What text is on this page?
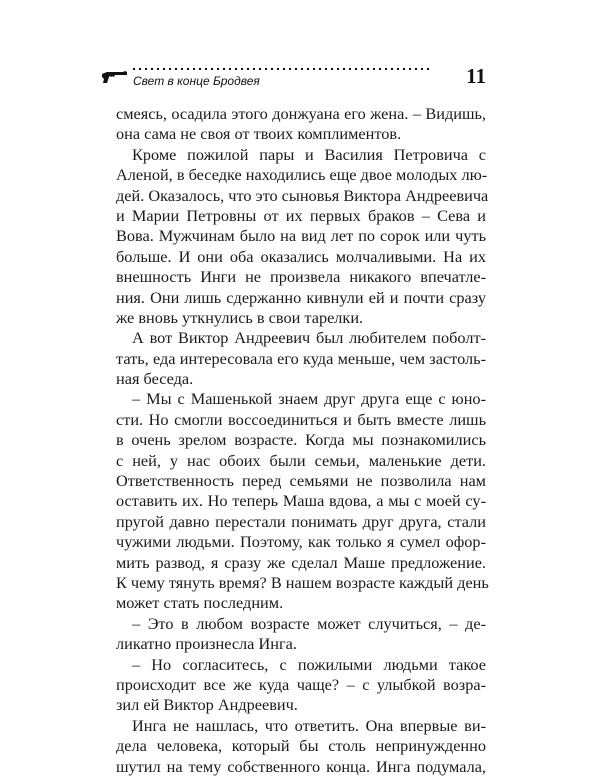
Свет в конце Бродвея	11
смеясь, осадила этого донжуана его жена. – Видишь,
она сама не своя от твоих комплиментов.
Кроме пожилой пары и Василия Петровича с
Аленой, в беседке находились еще двое молодых лю-
дей. Оказалось, что это сыновья Виктора Андреевича
и Марии Петровны от их первых браков – Сева и
Вова. Мужчинам было на вид лет по сорок или чуть
больше. И они оба оказались молчаливыми. На их
внешность Инги не произвела никакого впечатле-
ния. Они лишь сдержанно кивнули ей и почти сразу
же вновь уткнулись в свои тарелки.
А вот Виктор Андреевич был любителем поболт-
тать, еда интересовала его куда меньше, чем застоль-
ная беседа.
– Мы с Машенькой знаем друг друга еще с юно-
сти. Но смогли воссоединиться и быть вместе лишь
в очень зрелом возрасте. Когда мы познакомились
с ней, у нас обоих были семьи, маленькие дети.
Ответственность перед семьями не позволила нам
оставить их. Но теперь Маша вдова, а мы с моей су-
пругой давно перестали понимать друг друга, стали
чужими людьми. Поэтому, как только я сумел офор-
мить развод, я сразу же сделал Маше предложение.
К чему тянуть время? В нашем возрасте каждый день
может стать последним.
– Это в любом возрасте может случиться, – де-
ликатно произнесла Инга.
– Но согласитесь, с пожилыми людьми такое
происходит все же куда чаще? – с улыбкой возра-
зил ей Виктор Андреевич.
Инга не нашлась, что ответить. Она впервые ви-
дела человека, который бы столь непринужденно
шутил на тему собственного конца. Инга подумала,
